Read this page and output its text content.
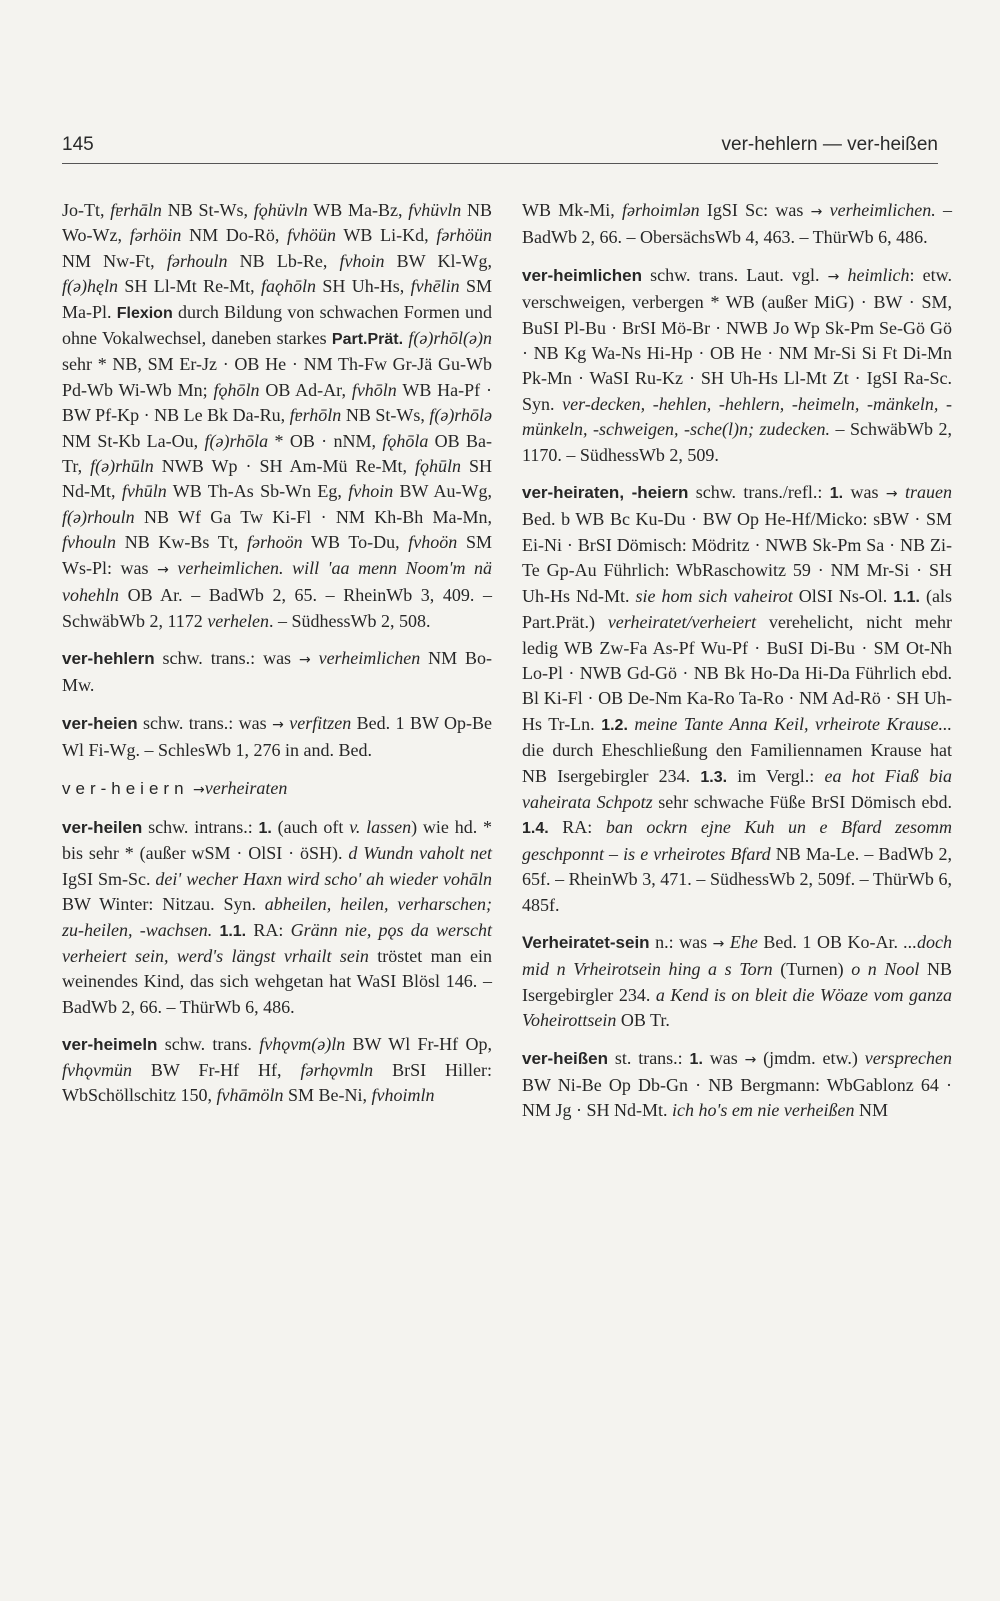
145	ver-hehlern — ver-heißen

Jo-Tt, fɐrhāln NB St-Ws, fǫhüvln WB Ma-Bz, fvhüvln NB Wo-Wz, fərhöin NM Do-Rö, fvhöün WB Li-Kd, fərhöün NM Nw-Ft, fərhouln NB Lb-Re, fvhoin BW Kl-Wg, f(ə)hęln SH Ll-Mt Re-Mt, faǫhōln SH Uh-Hs, fvhēlin SM Ma-Pl. Flexion durch Bildung von schwachen Formen und ohne Vokalwechsel, daneben starkes Part.Prät. f(ə)rhōl(ə)n sehr * NB, SM Er-Jz · OB He · NM Th-Fw Gr-Jä Gu-Wb Pd-Wb Wi-Wb Mn; fǫhōln OB Ad-Ar, fvhōln WB Ha-Pf · BW Pf-Kp · NB Le Bk Da-Ru, fɐrhōln NB St-Ws, f(ə)rhōlə NM St-Kb La-Ou, f(ə)rhōla * OB · nNM, fǫhōla OB Ba-Tr, f(ə)rhūln NWB Wp · SH Am-Mü Re-Mt, fǫhūln SH Nd-Mt, fvhūln WB Th-As Sb-Wn Eg, fvhoin BW Au-Wg, f(ə)rhouln NB Wf Ga Tw Ki-Fl · NM Kh-Bh Ma-Mn, fvhouln NB Kw-Bs Tt, fərhoön WB To-Du, fvhoön SM Ws-Pl: was → verheimlichen. will 'aa menn Noom'm nä vohehln OB Ar. – BadWb 2, 65. – RheinWb 3, 409. – SchwäbWb 2, 1172 verhelen. – SüdhessWb 2, 508.

ver-hehlern schw. trans.: was → verheimlichen NM Bo-Mw.

ver-heien schw. trans.: was → verfitzen Bed. 1 BW Op-Be Wl Fi-Wg. – SchlesWb 1, 276 in and. Bed.

ver-heiern →verheiraten

ver-heilen schw. intrans.: 1. (auch oft v. lassen) wie hd. * bis sehr * (außer wSM · OlSI · öSH). d Wundn vaholt net IgSI Sm-Sc. dei' wecher Haxn wird scho' ah wieder vohāln BW Winter: Nitzau. Syn. abheilen, heilen, verharschen; zu-heilen, -wachsen. 1.1. RA: Gränn nie, pǫs da werscht verheiert sein, werd's längst vrhailt sein tröstet man ein weinendes Kind, das sich wehgetan hat WaSI Blösl 146. – BadWb 2, 66. – ThürWb 6, 486.

ver-heimeln schw. trans. fvhǫvm(ə)ln BW Wl Fr-Hf Op, fvhǫvmün BW Fr-Hf Hf, fərhǫvmln BrSI Hiller: WbSchöllschitz 150, fvhāmöln SM Be-Ni, fvhoimln

WB Mk-Mi, fərhoimlən IgSI Sc: was → verheimlichen. – BadWb 2, 66. – ObersächsWb 4, 463. – ThürWb 6, 486.

ver-heimlichen schw. trans. Laut. vgl. → heimlich: etw. verschweigen, verbergen * WB (außer MiG) · BW · SM, BuSI Pl-Bu · BrSI Mö-Br · NWB Jo Wp Sk-Pm Se-Gö Gö · NB Kg Wa-Ns Hi-Hp · OB He · NM Mr-Si Si Ft Di-Mn Pk-Mn · WaSI Ru-Kz · SH Uh-Hs Ll-Mt Zt · IgSI Ra-Sc. Syn. ver-decken, -hehlen, -hehlern, -heimeln, -mänkeln, -münkeln, -schweigen, -sche(l)n; zudecken. – SchwäbWb 2, 1170. – SüdhessWb 2, 509.

ver-heiraten, -heiern schw. trans./refl.: 1. was → trauen Bed. b WB Bc Ku-Du · BW Op He-Hf/Micko: sBW · SM Ei-Ni · BrSI Dömisch: Mödritz · NWB Sk-Pm Sa · NB Zi-Te Gp-Au Führlich: WbRaschowitz 59 · NM Mr-Si · SH Uh-Hs Nd-Mt. sie hom sich vaheirot OlSI Ns-Ol. 1.1. (als Part.Prät.) verheiratet/verheiert verehelicht, nicht mehr ledig WB Zw-Fa As-Pf Wu-Pf · BuSI Di-Bu · SM Ot-Nh Lo-Pl · NWB Gd-Gö · NB Bk Ho-Da Hi-Da Führlich ebd. Bl Ki-Fl · OB De-Nm Ka-Ro Ta-Ro · NM Ad-Rö · SH Uh-Hs Tr-Ln. 1.2. meine Tante Anna Keil, vrheirote Krause... die durch Eheschließung den Familiennamen Krause hat NB Isergebirgler 234. 1.3. im Vergl.: ea hot Fiaß bia vaheirata Schpotz sehr schwache Füße BrSI Dömisch ebd. 1.4. RA: ban ockrn ejne Kuh un e Bfard zesomm geschponnt – is e vrheirotes Bfard NB Ma-Le. – BadWb 2, 65f. – RheinWb 3, 471. – SüdhessWb 2, 509f. – ThürWb 6, 485f.

Verheiratet-sein n.: was → Ehe Bed. 1 OB Ko-Ar. ...doch mid n Vrheirotsein hing a s Torn (Turnen) o n Nool NB Isergebirgler 234. a Kend is on bleit die Wöaze vom ganza Voheirottsein OB Tr.

ver-heißen st. trans.: 1. was → (jmdm. etw.) versprechen BW Ni-Be Op Db-Gn · NB Bergmann: WbGablonz 64 · NM Jg · SH Nd-Mt. ich ho's em nie verheißen NM
